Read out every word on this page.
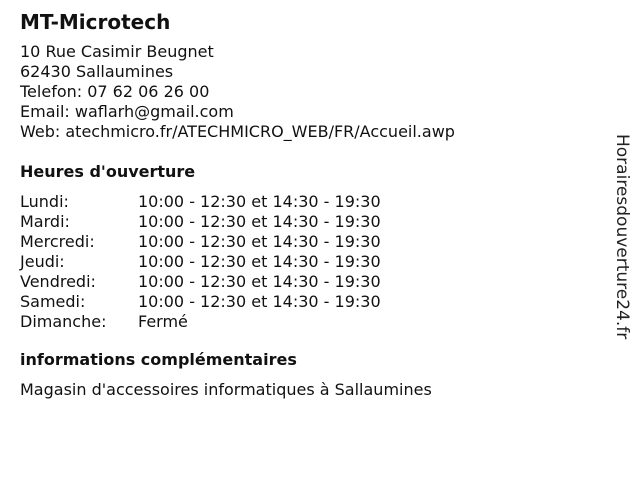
MT-Microtech
10 Rue Casimir Beugnet
62430 Sallaumines
Telefon: 07 62 06 26 00
Email: waflarh@gmail.com
Web: atechmicro.fr/ATECHMICRO_WEB/FR/Accueil.awp
Heures d'ouverture
Lundi:	10:00 - 12:30 et 14:30 - 19:30
Mardi:	10:00 - 12:30 et 14:30 - 19:30
Mercredi:	10:00 - 12:30 et 14:30 - 19:30
Jeudi:	10:00 - 12:30 et 14:30 - 19:30
Vendredi:	10:00 - 12:30 et 14:30 - 19:30
Samedi:	10:00 - 12:30 et 14:30 - 19:30
Dimanche:	Fermé
informations complémentaires
Magasin d'accessoires informatiques à Sallaumines
Horairesdouverture24.fr
